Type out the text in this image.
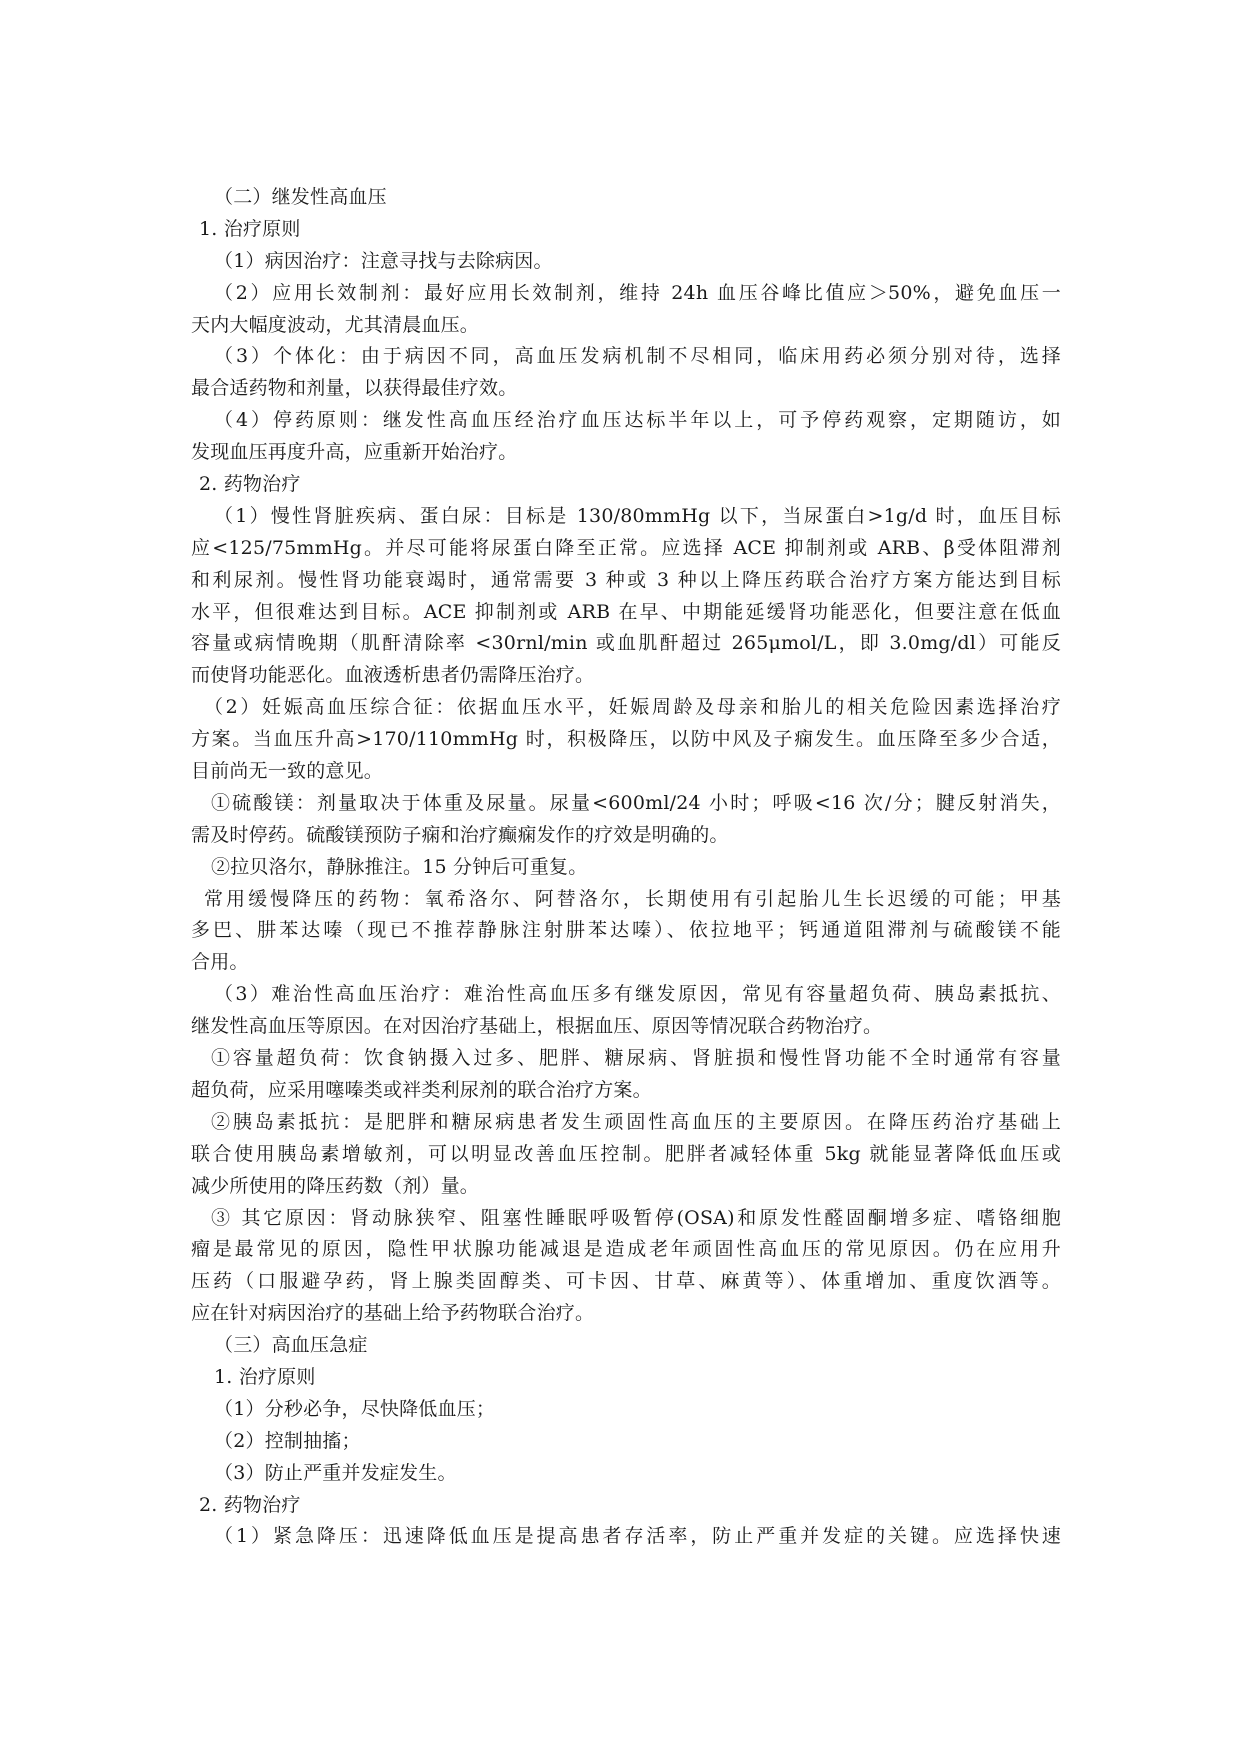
（二）继发性高血压
1. 治疗原则
（1）病因治疗：注意寻找与去除病因。
（2）应用长效制剂：最好应用长效制剂，维持 24h 血压谷峰比值应＞50%，避免血压一
天内大幅度波动，尤其清晨血压。
（3）个体化：由于病因不同，高血压发病机制不尽相同，临床用药必须分别对待，选择
最合适药物和剂量，以获得最佳疗效。
（4）停药原则：继发性高血压经治疗血压达标半年以上，可予停药观察，定期随访，如
发现血压再度升高，应重新开始治疗。
2. 药物治疗
（1）慢性肾脏疾病、蛋白尿：目标是 130/80mmHg 以下，当尿蛋白>1g/d 时，血压目标
应<125/75mmHg。并尽可能将尿蛋白降至正常。应选择 ACE 抑制剂或 ARB、β受体阻滞剂
和利尿剂。慢性肾功能衰竭时，通常需要 3 种或 3 种以上降压药联合治疗方案方能达到目标
水平，但很难达到目标。ACE 抑制剂或 ARB 在早、中期能延缓肾功能恶化，但要注意在低血
容量或病情晚期（肌酐清除率 <30rnl/min 或血肌酐超过 265μmol/L，即 3.0mg/dl）可能反
而使肾功能恶化。血液透析患者仍需降压治疗。
（2）妊娠高血压综合征：依据血压水平，妊娠周龄及母亲和胎儿的相关危险因素选择治疗
方案。当血压升高>170/110mmHg 时，积极降压，以防中风及子痫发生。血压降至多少合适，
目前尚无一致的意见。
①硫酸镁：剂量取决于体重及尿量。尿量<600ml/24 小时；呼吸<16 次/分；腱反射消失，
需及时停药。硫酸镁预防子痫和治疗癫痫发作的疗效是明确的。
②拉贝洛尔，静脉推注。15 分钟后可重复。
常用缓慢降压的药物：氧希洛尔、阿替洛尔，长期使用有引起胎儿生长迟缓的可能；甲基
多巴、肼苯达嗪（现已不推荐静脉注射肼苯达嗪）、依拉地平；钙通道阻滞剂与硫酸镁不能
合用。
（3）难治性高血压治疗：难治性高血压多有继发原因，常见有容量超负荷、胰岛素抵抗、
继发性高血压等原因。在对因治疗基础上，根据血压、原因等情况联合药物治疗。
①容量超负荷：饮食钠摄入过多、肥胖、糖尿病、肾脏损和慢性肾功能不全时通常有容量
超负荷，应采用噻嗪类或袢类利尿剂的联合治疗方案。
②胰岛素抵抗：是肥胖和糖尿病患者发生顽固性高血压的主要原因。在降压药治疗基础上
联合使用胰岛素增敏剂，可以明显改善血压控制。肥胖者减轻体重 5kg 就能显著降低血压或
减少所使用的降压药数（剂）量。
③ 其它原因：肾动脉狭窄、阻塞性睡眠呼吸暂停(OSA)和原发性醛固酮增多症、嗜铬细胞
瘤是最常见的原因，隐性甲状腺功能减退是造成老年顽固性高血压的常见原因。仍在应用升
压药（口服避孕药，肾上腺类固醇类、可卡因、甘草、麻黄等）、体重增加、重度饮酒等。
应在针对病因治疗的基础上给予药物联合治疗。
（三）高血压急症
1. 治疗原则
（1）分秒必争，尽快降低血压；
（2）控制抽搐；
（3）防止严重并发症发生。
2. 药物治疗
（1）紧急降压：迅速降低血压是提高患者存活率，防止严重并发症的关键。应选择快速
